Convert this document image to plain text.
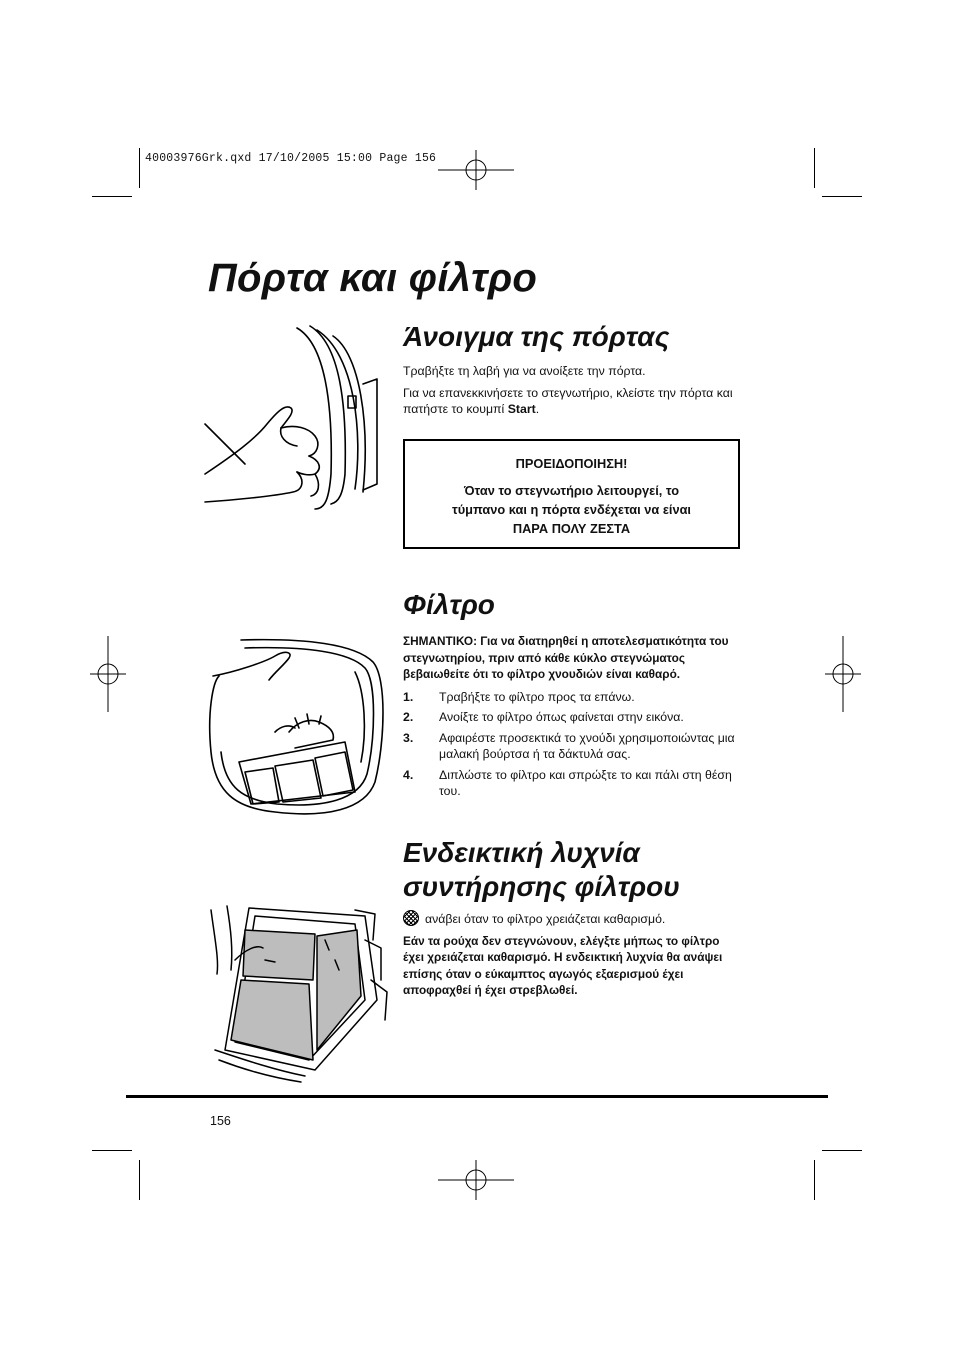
40003976Grk.qxd 17/10/2005 15:00 Page 156
Πόρτα και φίλτρο
Άνοιγμα της πόρτας

Τραβήξτε τη λαβή για να ανοίξετε την πόρτα.

Για να επανεκκινήσετε το στεγνωτήριο, κλείστε την πόρτα και πατήστε το κουμπί Start.

ΠΡΟΕΙΔΟΠΟΙΗΣΗ!
Όταν το στεγνωτήριο λειτουργεί, το
τύμπανο και η πόρτα ενδέχεται να είναι
ΠΑΡΑ ΠΟΛΥ ΖΕΣΤΑ
Φίλτρο

ΣΗΜΑΝΤΙΚΟ: Για να διατηρηθεί η αποτελεσματικότητα του στεγνωτηρίου, πριν από κάθε κύκλο στεγνώματος βεβαιωθείτε ότι το φίλτρο χνουδιών είναι καθαρό.

1. Τραβήξτε το φίλτρο προς τα επάνω.
2. Ανοίξτε το φίλτρο όπως φαίνεται στην εικόνα.
3. Αφαιρέστε προσεκτικά το χνούδι χρησιμοποιώντας μια μαλακή βούρτσα ή τα δάκτυλά σας.
4. Διπλώστε το φίλτρο και σπρώξτε το και πάλι στη θέση του.
Ενδεικτική λυχνία
συντήρησης φίλτρου

ανάβει όταν το φίλτρο χρειάζεται καθαρισμό.

Εάν τα ρούχα δεν στεγνώνουν, ελέγξτε μήπως το φίλτρο έχει χρειάζεται καθαρισμό. Η ενδεικτική λυχνία θα ανάψει επίσης όταν ο εύκαμπτος αγωγός εξαερισμού έχει αποφραχθεί ή έχει στρεβλωθεί.

156
